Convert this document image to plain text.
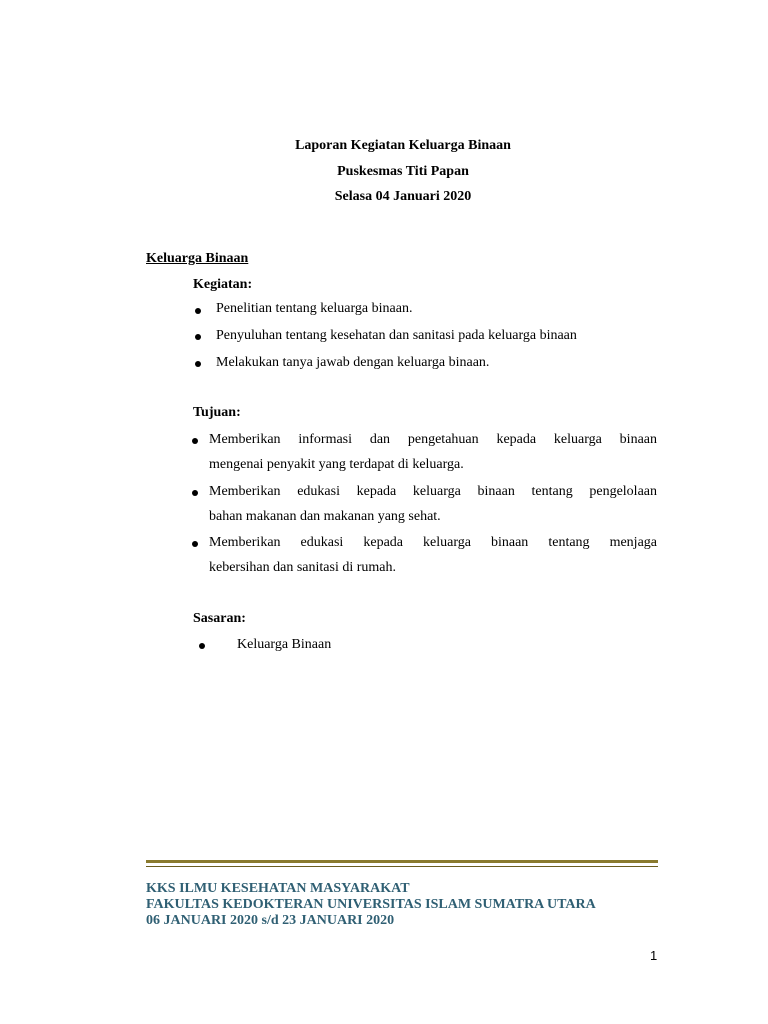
Laporan Kegiatan Keluarga Binaan
Puskesmas Titi Papan
Selasa 04 Januari 2020
Keluarga Binaan
Kegiatan:
Penelitian tentang keluarga binaan.
Penyuluhan tentang kesehatan dan sanitasi pada keluarga binaan
Melakukan tanya jawab dengan keluarga binaan.
Tujuan:
Memberikan informasi dan pengetahuan kepada keluarga binaan
mengenai penyakit yang terdapat di keluarga.
Memberikan edukasi kepada keluarga binaan tentang pengelolaan
bahan makanan dan makanan yang sehat.
Memberikan edukasi kepada keluarga binaan tentang menjaga
kebersihan dan sanitasi di rumah.
Sasaran:
Keluarga Binaan
KKS ILMU KESEHATAN MASYARAKAT
FAKULTAS KEDOKTERAN UNIVERSITAS ISLAM SUMATRA UTARA
06 JANUARI 2020 s/d 23 JANUARI 2020
1
